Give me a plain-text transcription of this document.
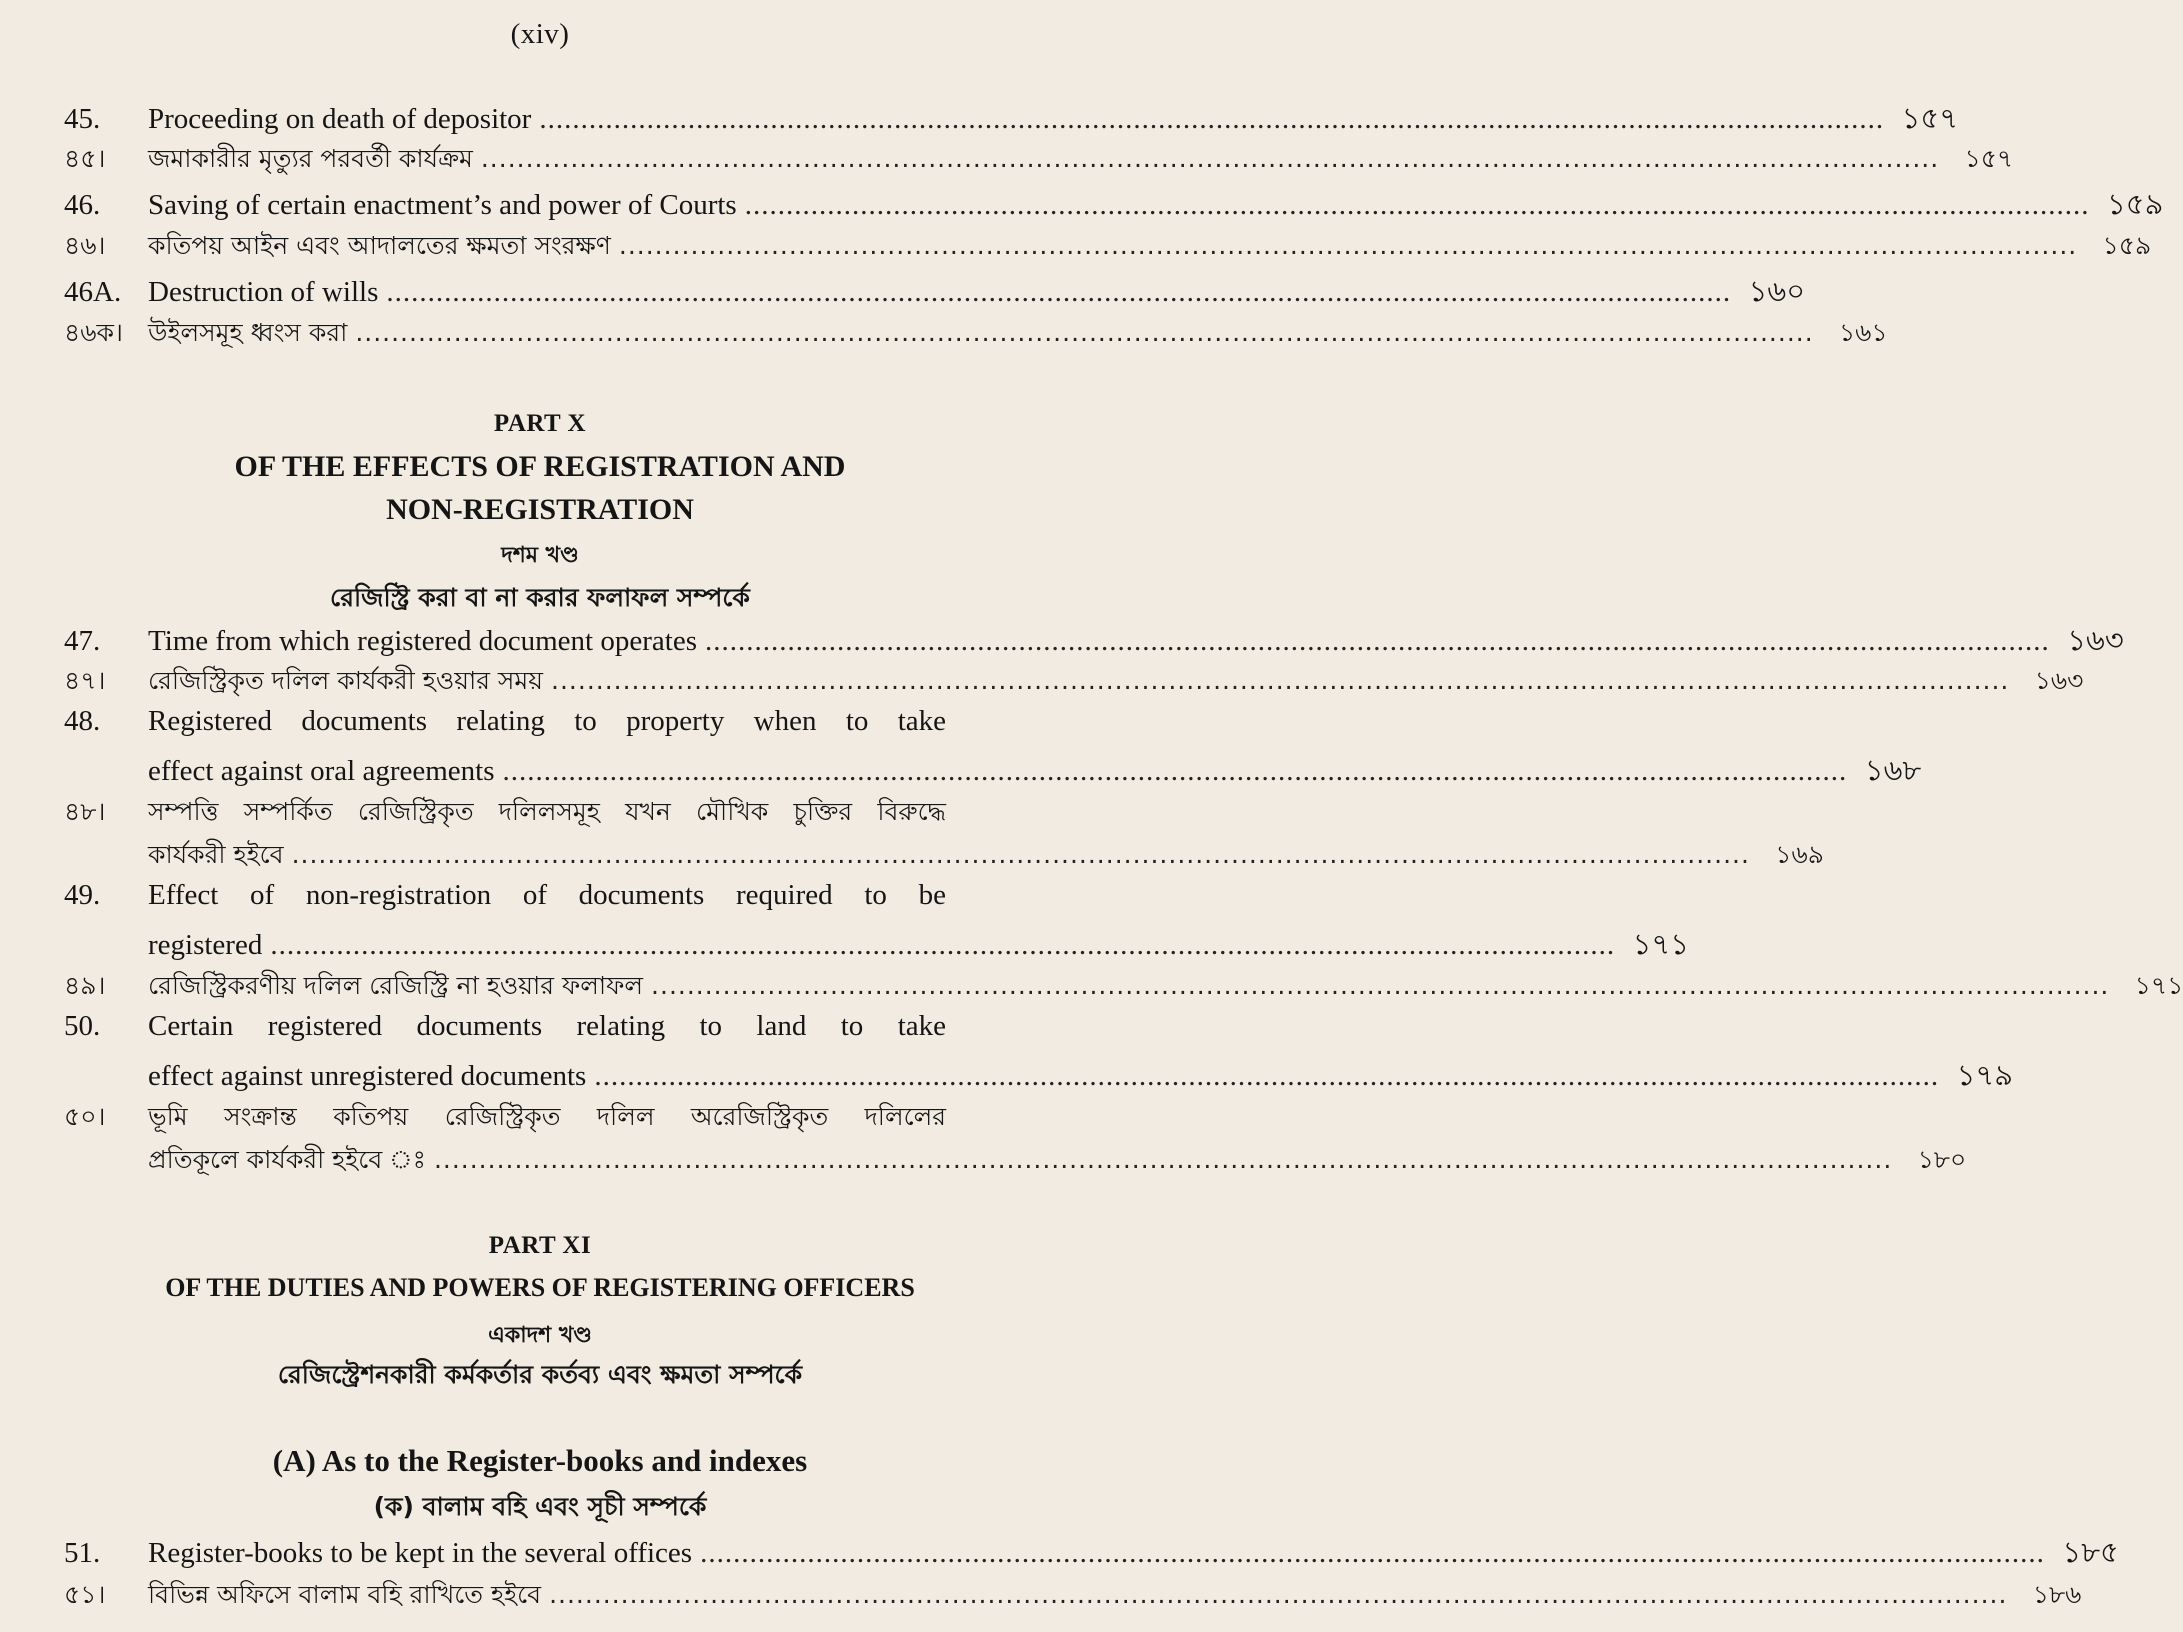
(xiv)
45.	Proceeding on death of depositor ................................................................................................................................................................... ১৫৭
৪৫।	জমাকারীর মৃত্যুর পরবর্তী কার্যক্রম ...................................................................................................................................................................	১৫৭
46.	Saving of certain enactment’s and power of Courts ................................................................................................................................................................... ১৫৯
৪৬।	কতিপয় আইন এবং আদালতের ক্ষমতা সংরক্ষণ ...................................................................................................................................................................	১৫৯
46A. Destruction of wills ................................................................................................................................................................... ১৬০
৪৬ক।	উইলসমূহ ধ্বংস করা ...................................................................................................................................................................	১৬১
PART X
OF THE EFFECTS OF REGISTRATION AND
NON-REGISTRATION
দশম খণ্ড
রেজিস্ট্রি করা বা না করার ফলাফল সম্পর্কে
47.	Time from which registered document operates ................................................................................................................................................................... ১৬৩
৪৭।	রেজিস্ট্রিকৃত দলিল কার্যকরী হওয়ার সময় ...................................................................................................................................................................	১৬৩
48.	Registered documents relating to property when to take
effect against oral agreements ................................................................................................................................................................... ১৬৮
৪৮।	সম্পত্তি সম্পর্কিত রেজিস্ট্রিকৃত দলিলসমূহ যখন মৌখিক চুক্তির বিরুদ্ধে
কার্যকরী হইবে ...................................................................................................................................................................	১৬৯
49.	Effect of non-registration of documents required to be
registered ................................................................................................................................................................... ১৭১
৪৯।	রেজিস্ট্রিকরণীয় দলিল রেজিস্ট্রি না হওয়ার ফলাফল ...................................................................................................................................................................	১৭১
50.	Certain registered documents relating to land to take
effect against unregistered documents ................................................................................................................................................................... ১৭৯
৫০।	ভূমি সংক্রান্ত কতিপয় রেজিস্ট্রিকৃত দলিল অরেজিস্ট্রিকৃত দলিলের
প্রতিকূলে কার্যকরী হইবে ঃ ...................................................................................................................................................................	১৮০
PART XI
OF THE DUTIES AND POWERS OF REGISTERING OFFICERS
একাদশ খণ্ড
রেজিস্ট্রেশনকারী কর্মকর্তার কর্তব্য এবং ক্ষমতা সম্পর্কে
(A) As to the Register-books and indexes
(ক) বালাম বহি এবং সূচী সম্পর্কে
51.	Register-books to be kept in the several offices ................................................................................................................................................................... ১৮৫
৫১।	বিভিন্ন অফিসে বালাম বহি রাখিতে হইবে ...................................................................................................................................................................	১৮৬
